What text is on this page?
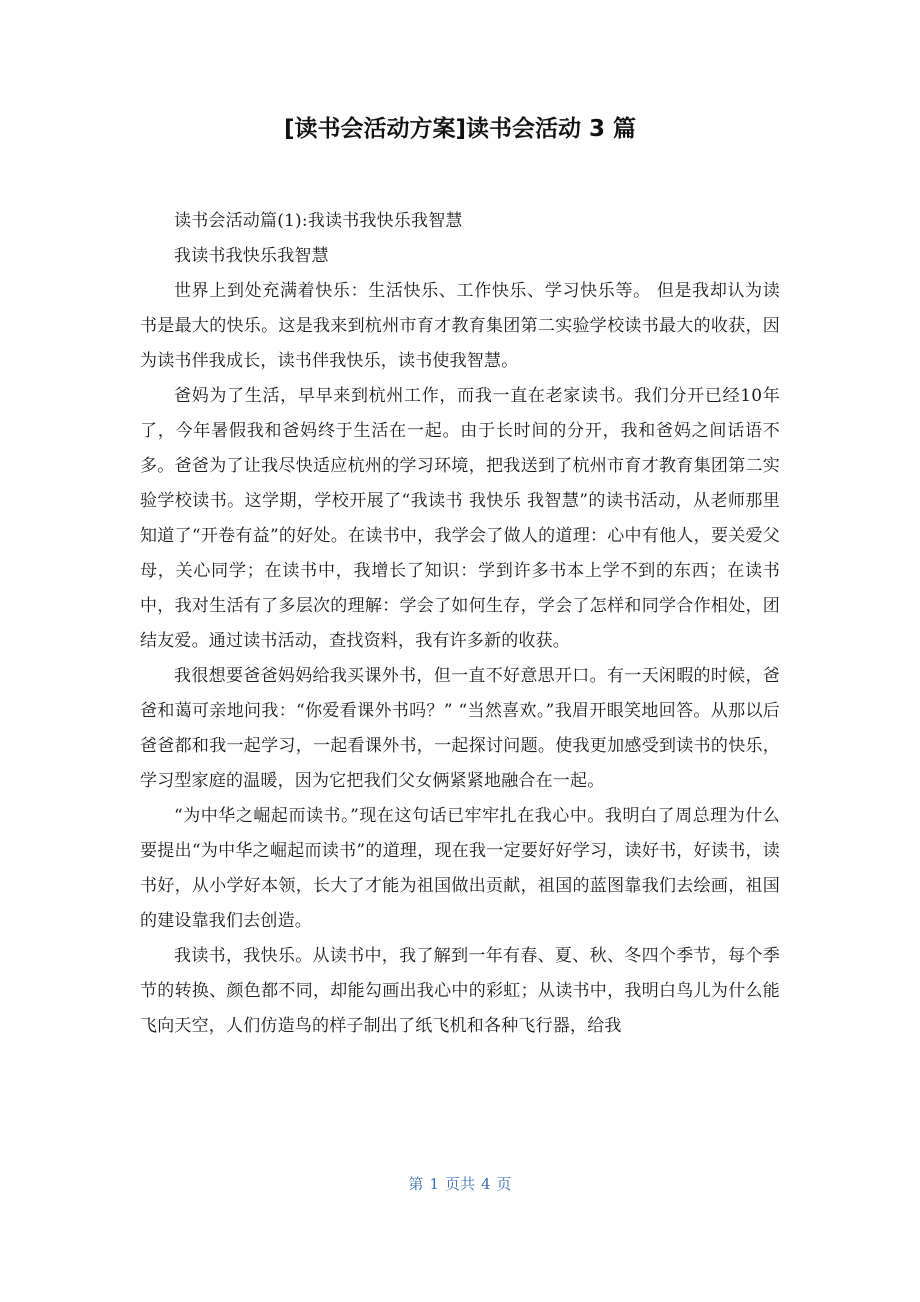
[读书会活动方案]读书会活动 3 篇

读书会活动篇(1):我读书我快乐我智慧

我读书我快乐我智慧

世界上到处充满着快乐：生活快乐、工作快乐、学习快乐等。 但是我却认为读书是最大的快乐。这是我来到杭州市育才教育集团第二实验学校读书最大的收获，因为读书伴我成长，读书伴我快乐，读书使我智慧。

爸妈为了生活，早早来到杭州工作，而我一直在老家读书。我们分开已经10年了，今年暑假我和爸妈终于生活在一起。由于长时间的分开，我和爸妈之间话语不多。爸爸为了让我尽快适应杭州的学习环境，把我送到了杭州市育才教育集团第二实验学校读书。这学期，学校开展了“我读书 我快乐 我智慧”的读书活动，从老师那里知道了“开卷有益”的好处。在读书中，我学会了做人的道理：心中有他人，要关爱父母，关心同学；在读书中，我增长了知识：学到许多书本上学不到的东西；在读书中，我对生活有了多层次的理解：学会了如何生存，学会了怎样和同学合作相处，团结友爱。通过读书活动，查找资料，我有许多新的收获。

我很想要爸爸妈妈给我买课外书，但一直不好意思开口。有一天闲暇的时候，爸爸和蔼可亲地问我：“你爱看课外书吗？” “当然喜欢。”我眉开眼笑地回答。从那以后爸爸都和我一起学习，一起看课外书，一起探讨问题。使我更加感受到读书的快乐，学习型家庭的温暖，因为它把我们父女俩紧紧地融合在一起。

“为中华之崛起而读书。”现在这句话已牢牢扎在我心中。我明白了周总理为什么要提出“为中华之崛起而读书”的道理，现在我一定要好好学习，读好书，好读书，读书好，从小学好本领，长大了才能为祖国做出贡献，祖国的蓝图靠我们去绘画，祖国的建设靠我们去创造。

我读书，我快乐。从读书中，我了解到一年有春、夏、秋、冬四个季节，每个季节的转换、颜色都不同，却能勾画出我心中的彩虹；从读书中，我明白鸟儿为什么能飞向天空，人们仿造鸟的样子制出了纸飞机和各种飞行器，给我

第 1 页共 4 页
